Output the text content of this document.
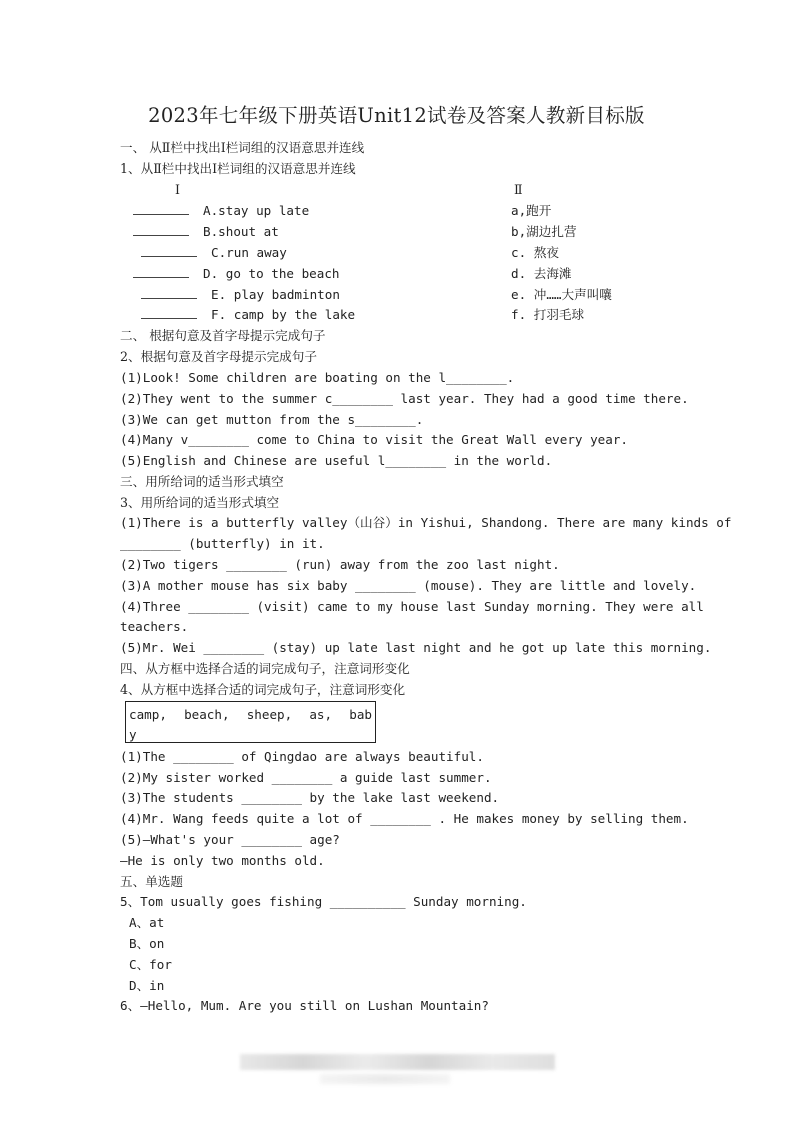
2023年七年级下册英语Unit12试卷及答案人教新目标版
一、 从Ⅱ栏中找出Ⅰ栏词组的汉语意思并连线
1、从Ⅱ栏中找出Ⅰ栏词组的汉语意思并连线
Ⅰ	Ⅱ
A.stay up late
B.shout at
C.run away
D. go to the beach
E. play badminton
F. camp by the lake
a,跑开
b,湖边扎营
c. 熬夜
d. 去海滩
e. 冲……大声叫嚷
f. 打羽毛球
二、 根据句意及首字母提示完成句子
2、根据句意及首字母提示完成句子
(1)Look! Some children are boating on the l________.
(2)They went to the summer c________ last year. They had a good time there.
(3)We can get mutton from the s________.
(4)Many v________ come to China to visit the Great Wall every year.
(5)English and Chinese are useful l________ in the world.
三、用所给词的适当形式填空
3、用所给词的适当形式填空
(1)There is a butterfly valley（山谷）in Yishui, Shandong. There are many kinds of
________ (butterfly) in it.
(2)Two tigers ________ (run) away from the zoo last night.
(3)A mother mouse has six baby ________ (mouse). They are little and lovely.
(4)Three ________ (visit) came to my house last Sunday morning. They were all
teachers.
(5)Mr. Wei ________ (stay) up late last night and he got up late this morning.
四、从方框中选择合适的词完成句子，注意词形变化
4、从方框中选择合适的词完成句子，注意词形变化
camp, beach, sheep, as, bab
y
(1)The ________ of Qingdao are always beautiful.
(2)My sister worked ________ a guide last summer.
(3)The students ________ by the lake last weekend.
(4)Mr. Wang feeds quite a lot of ________ . He makes money by selling them.
(5)—What's your ________ age?
—He is only two months old.
五、单选题
5、Tom usually goes fishing __________ Sunday morning.
A、at
B、on
C、for
D、in
6、—Hello, Mum. Are you still on Lushan Mountain?
